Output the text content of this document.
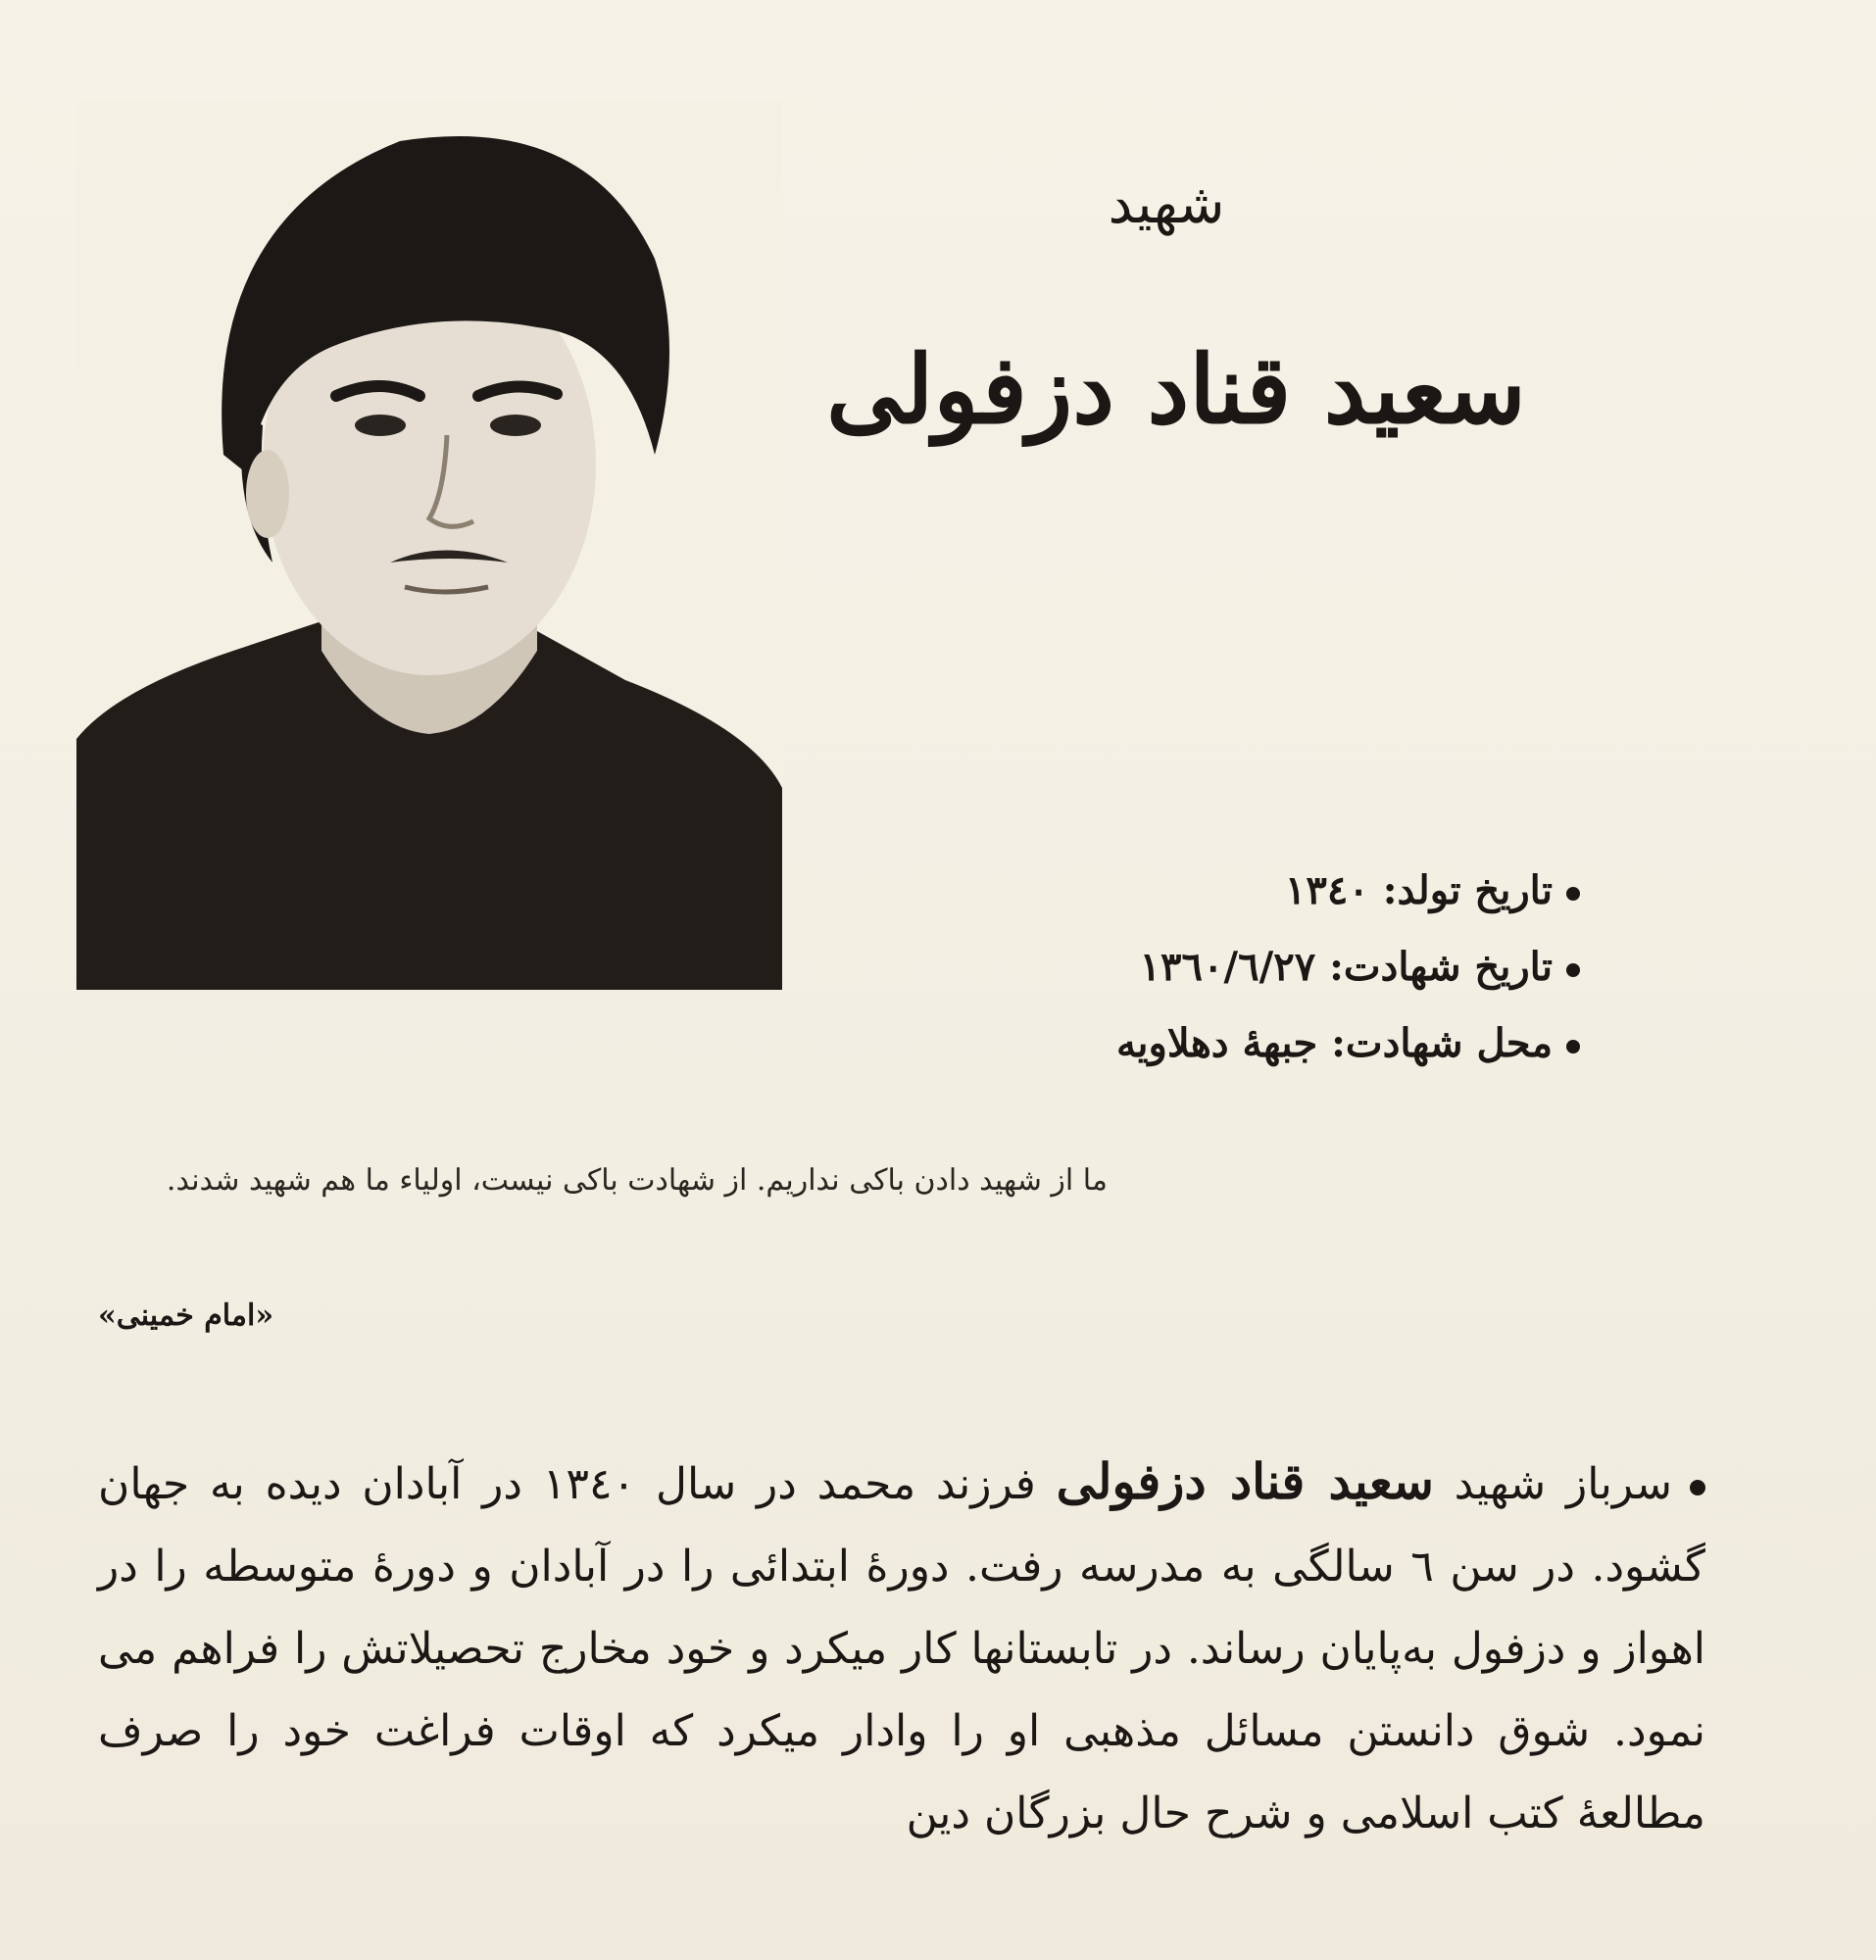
شهید
سعید قناد دزفولی
تاریخ تولد: ۱۳٤۰
تاریخ شهادت: ۱۳٦۰/٦/۲۷
محل شهادت: جبههٔ دهلاویه
ما از شهید دادن باکی نداریم. از شهادت باکی نیست، اولیاء ما هم شهید شدند.
«امام خمینی»
سرباز شهید سعید قناد دزفولی فرزند محمد در سال ۱۳٤۰ در آبادان دیده به جهان گشود. در سن ٦ سالگی به مدرسه رفت. دورهٔ ابتدائی را در آبادان و دورهٔ متوسطه را در اهواز و دزفول به‌پایان رساند. در تابستانها کار میکرد و خود مخارج تحصیلاتش را فراهم می نمود. شوق دانستن مسائل مذهبی او را وادار میکرد که اوقات فراغت خود را صرف مطالعهٔ کتب اسلامی و شرح حال بزرگان دین
